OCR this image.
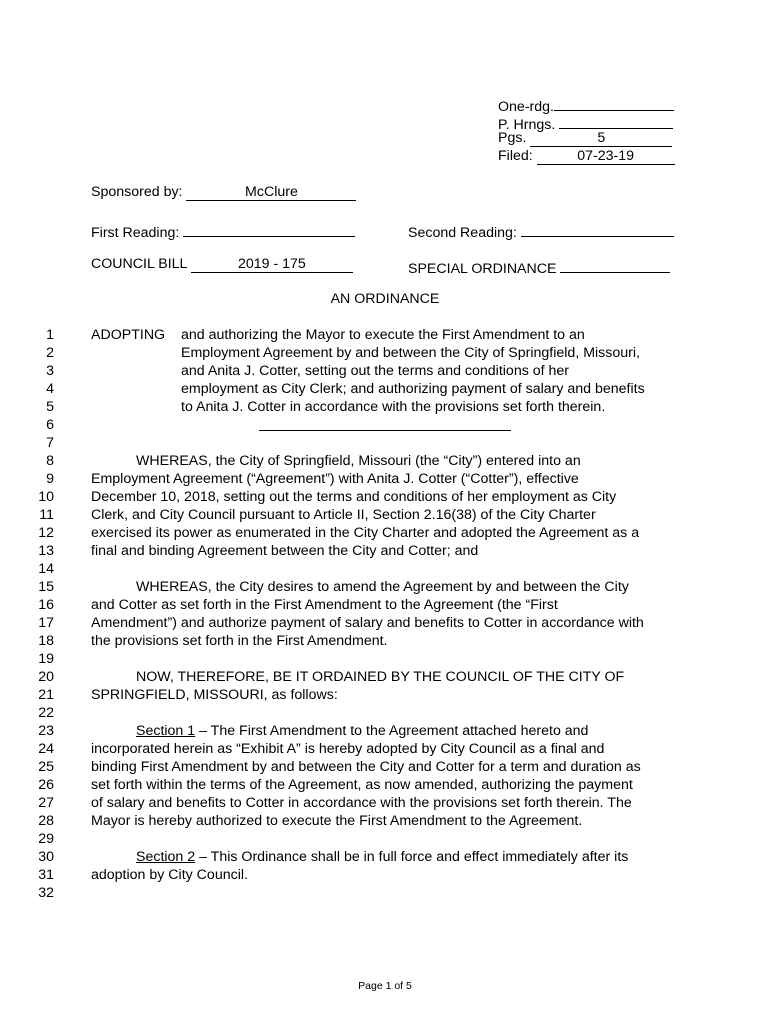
One-rdg.
P. Hrngs.
Pgs.	5
Filed:	07-23-19
Sponsored by:	McClure
First Reading:	Second Reading:
COUNCIL BILL	2019 - 175	SPECIAL ORDINANCE
AN ORDINANCE
1
2
3
4
5
6
7
8
9
10
11
12
13
14
15
16
17
18
19
20
21
22
23
24
25
26
27
28
29
30
31
32
ADOPTING and authorizing the Mayor to execute the First Amendment to an
Employment Agreement by and between the City of Springfield, Missouri,
and Anita J. Cotter, setting out the terms and conditions of her
employment as City Clerk; and authorizing payment of salary and benefits
to Anita J. Cotter in accordance with the provisions set forth therein.
WHEREAS, the City of Springfield, Missouri (the “City”) entered into an
Employment Agreement (“Agreement”) with Anita J. Cotter (“Cotter”), effective
December 10, 2018, setting out the terms and conditions of her employment as City
Clerk, and City Council pursuant to Article II, Section 2.16(38) of the City Charter
exercised its power as enumerated in the City Charter and adopted the Agreement as a
final and binding Agreement between the City and Cotter; and
WHEREAS, the City desires to amend the Agreement by and between the City
and Cotter as set forth in the First Amendment to the Agreement (the “First
Amendment”) and authorize payment of salary and benefits to Cotter in accordance with
the provisions set forth in the First Amendment.
NOW, THEREFORE, BE IT ORDAINED BY THE COUNCIL OF THE CITY OF
SPRINGFIELD, MISSOURI, as follows:
Section 1 – The First Amendment to the Agreement attached hereto and
incorporated herein as “Exhibit A” is hereby adopted by City Council as a final and
binding First Amendment by and between the City and Cotter for a term and duration as
set forth within the terms of the Agreement, as now amended, authorizing the payment
of salary and benefits to Cotter in accordance with the provisions set forth therein. The
Mayor is hereby authorized to execute the First Amendment to the Agreement.
Section 2 – This Ordinance shall be in full force and effect immediately after its
adoption by City Council.
Page 1 of 5
